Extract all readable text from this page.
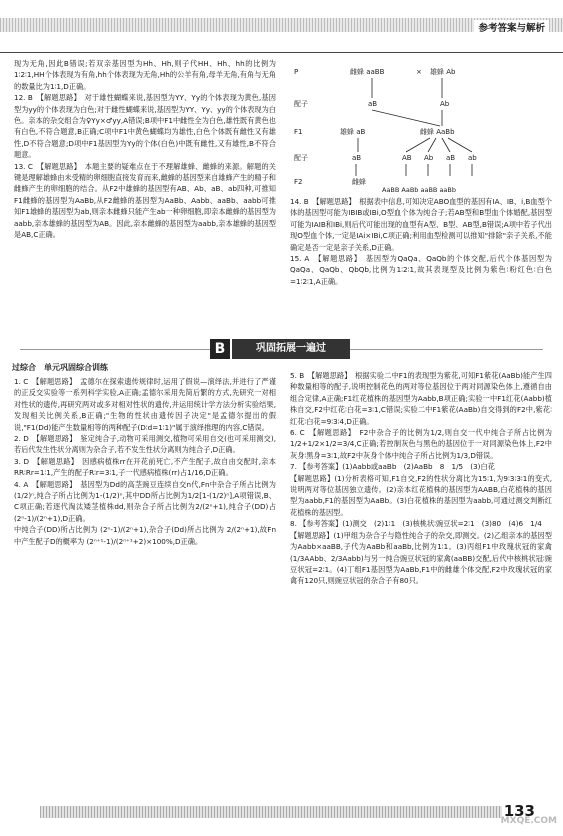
参考答案与解析

现为无角,因此B错误;若双亲基因型为Hh、Hh,则子代HH、Hh、hh的比例为1∶2∶1,HH个体表现为有角,hh个体表现为无角,Hh的公羊有角,母羊无角,有角与无角的数量比为1∶1,D正确。

12. B　【解题思路】　对于雄性蝴蝶来说,基因型为YY、Yy的个体表现为黄色,基因型为yy的个体表现为白色;对于雌性蝴蝶来说,基因型为YY、Yy、yy的个体表现为白色。亲本的杂交组合为♀Yy×♂yy,A错误;B项中F1中雌性全为白色,雄性既有黄色也有白色,不符合题意,B正确;C项中F1中黄色蝴蝶均为雄性,白色个体既有雌性又有雄性,D不符合题意;D项中F1基因型为Yy的个体(白色)中既有雌性,又有雄性,B不符合题意。

13. C　【解题思路】　本题主要的疑难点在于不理解雄蜂、雌蜂的来源。解题的关键是理解雄蜂由未受精的卵细胞直接发育而来,雌蜂的基因型来自雄蜂产生的精子和雌蜂产生的卵细胞的结合。从F2中雄蜂的基因型有AB、Ab、aB、ab四种,可推知F1雌蜂的基因型为AaBb,从F2雌蜂的基因型为AaBb、Aabb、aaBb、aabb可推知F1雄蜂的基因型为ab,则亲本雌蜂只能产生ab一种卵细胞,即亲本雌蜂的基因型为aabb,亲本雄蜂的基因型为AB。因此,亲本雌蜂的基因型为aabb,亲本雄蜂的基因型是AB,C正确。

P	雌蜂 aaBB	× 雄蜂 Ab
配子	aB	Ab
F1	雄蜂 aB	雌蜂 AaBb
配子	aB	AB Ab aB ab
F2	雌蜂
AaBB AaBb aaBB aaBb

14. B　【解题思路】　根据表中信息,可知决定ABO血型的基因有IA、IB、i,B血型个体的基因型可能为IBIB或IBi,O型血个体为纯合子;若AB型和B型血个体婚配,基因型可能为IAIB和IBi,则后代可能出现的血型有A型、B型、AB型,B错误;A项中若子代出现O型血个体,一定是IAi×IBi,C项正确;利用血型检测可以推知"排除"亲子关系,不能确定是否一定是亲子关系,D正确。

15. A　【解题思路】　基因型为QaQa、QaQb的个体交配,后代个体基因型为QaQa、QaQb、QbQb,比例为1∶2∶1,故其表现型及比例为紫色∶粉红色∶白色=1∶2∶1,A正确。

B	巩固拓展一遍过
过综合　单元巩固综合训练

1. C　【解题思路】　孟德尔在探索遗传规律时,运用了假说—演绎法,并进行了严谨的正反交实验等一系列科学实验,A正确;孟德尔采用先简后繁的方式,先研究一对相对性状的遗传,再研究两对或多对相对性状的遗传,并运用统计学方法分析实验结果,发现相关比例关系,B正确;"生物的性状由遗传因子决定"是孟德尔提出的假说,"F1(Dd)能产生数量相等的两种配子(D∶d=1∶1)"属于演绎推理的内容,C错误。

2. D　【解题思路】　鉴定纯合子,动物可采用测交,植物可采用自交(也可采用测交),若后代发生性状分离则为杂合子,若不发生性状分离则为纯合子,D正确。

3. D　【解题思路】　因感病植株rr在开花前死亡,不产生配子,故自由交配时,亲本RR∶Rr=1∶1,产生的配子R∶r=3∶1,子一代感病植株(rr)占1/16,D正确。

4. A　【解题思路】　基因型为Dd的高茎豌豆连续自交n代,Fn中杂合子所占比例为(1/2)ⁿ,纯合子所占比例为1-(1/2)ⁿ,其中DD所占比例为1/2[1-(1/2)ⁿ],A项错误,B、C项正确;若逐代淘汰矮茎植株dd,则杂合子所占比例为2/(2ⁿ+1),纯合子(DD)占(2ⁿ-1)/(2ⁿ+1),D正确。

中纯合子(DD)所占比例为 (2ⁿ-1)/(2ⁿ+1),杂合子(Dd)所占比例为 2/(2ⁿ+1),故Fn中产生配子D的概率为 (2ⁿ⁺¹-1)/(2ⁿ⁺¹+2)×100%,D正确。

5. B　【解题思路】　根据实验二中F1的表现型为紫花,可知F1紫花(AaBb)能产生四种数量相等的配子,说明控制花色的两对等位基因位于两对同源染色体上,遵循自由组合定律,A正确;F1红花植株的基因型为Aabb,B项正确;实验一中F1红花(Aabb)植株自交,F2中红花∶白花=3∶1,C错误;实验二中F1紫花(AaBb)自交得到的F2中,紫花∶红花∶白花=9∶3∶4,D正确。

6. C　【解题思路】　F2中杂合子的比例为1/2,则自交一代中纯合子所占比例为1/2+1/2×1/2=3/4,C正确;若控制灰色与黑色的基因位于一对同源染色体上,F2中灰身∶黑身=3∶1,故F2中灰身个体中纯合子所占比例为1/3,D错误。

7. 【参考答案】(1)Aabb或aaBb　(2)AaBb　8　1/5　(3)白花

【解题思路】(1)分析表格可知,F1自交,F2的性状分离比为15∶1,为9∶3∶3∶1的变式,说明两对等位基因独立遗传。(2)亲本红花植株的基因型为AABB,白花植株的基因型为aabb,F1的基因型为AaBb。(3)白花植株的基因型为aabb,可通过测交判断红花植株的基因型。

8. 【参考答案】(1)测交　(2)1∶1　(3)核桃状∶豌豆状=2∶1　(3)80　(4)6　1/4

【解题思路】(1)甲组为杂合子与隐性纯合子的杂交,即测交。(2)乙组亲本的基因型为Aabb×aaBB,子代为AaBb和aaBb,比例为1∶1。(3)丙组F1中玫瑰状冠的家禽(1/3AAbb、2/3Aabb)与另一纯合豌豆状冠的家禽(aaBB)交配,后代中核桃状冠∶豌豆状冠=2∶1。(4)丁组F1基因型为AaBb,F1中的雌雄个体交配,F2中玫瑰状冠的家禽有120只,则豌豆状冠的杂合子有80只。

133
MXQE.COM
